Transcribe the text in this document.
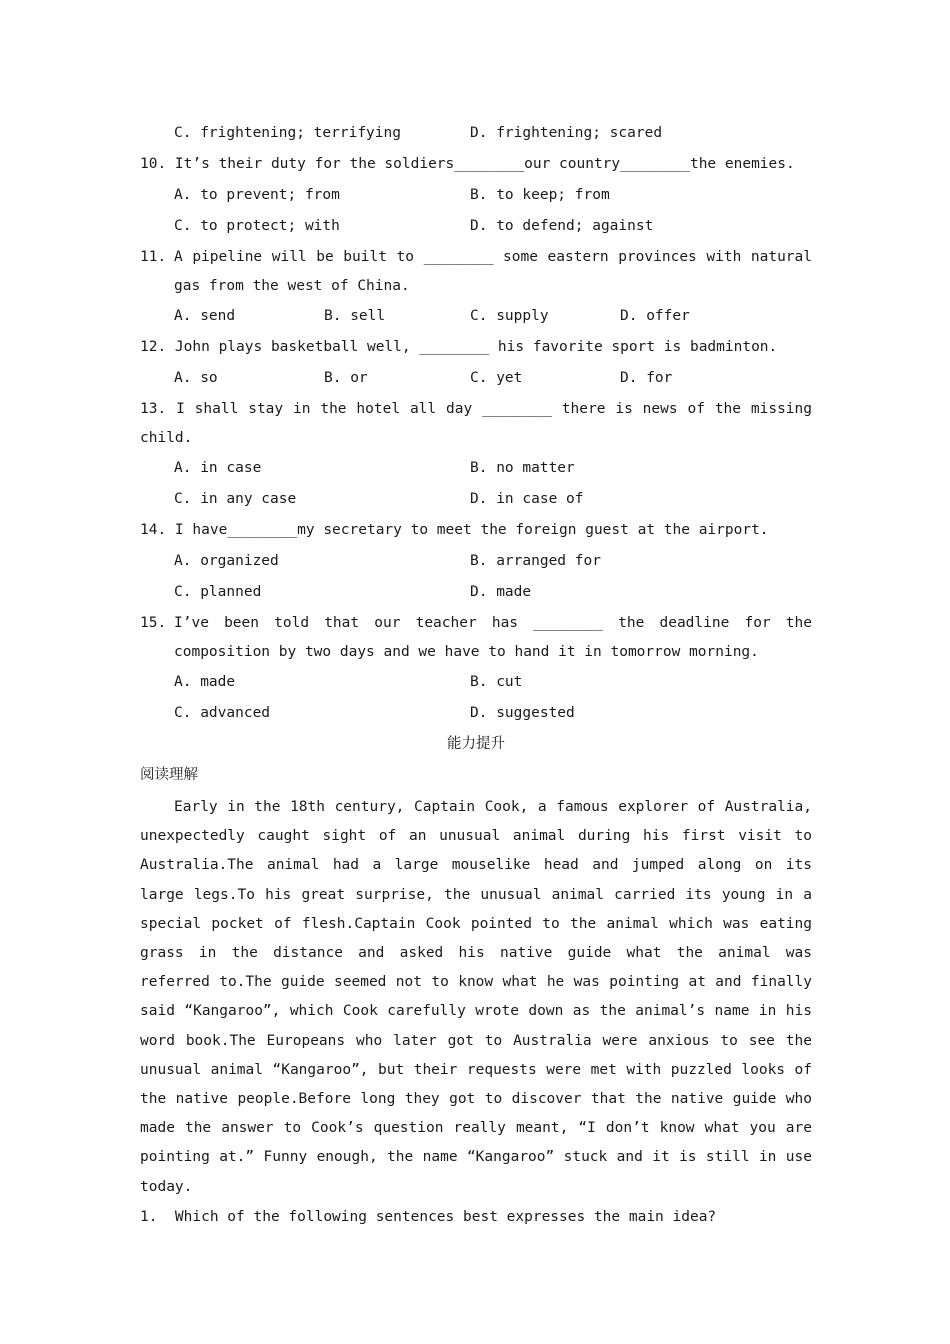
C. frightening; terrifying	D. frightening; scared
10. It’s their duty for the soldiers________our country________the enemies.
A. to prevent; from	B. to keep; from
C. to protect; with	D. to defend; against
11. A pipeline will be built to ________ some eastern provinces with natural gas from the west of China.
A. send	B. sell	C. supply	D. offer
12. John plays basketball well, ________ his favorite sport is badminton.
A. so	B. or	C. yet	D. for
13. I shall stay in the hotel all day ________ there is news of the missing child.
A. in case	B. no matter
C. in any case	D. in case of
14. I have________my secretary to meet the foreign guest at the airport.
A. organized	B. arranged for
C. planned	D. made
15. I’ve been told that our teacher has ________ the deadline for the composition by two days and we have to hand it in tomorrow morning.
A. made	B. cut
C. advanced	D. suggested
能力提升
阅读理解
Early in the 18th century, Captain Cook, a famous explorer of Australia, unexpectedly caught sight of an unusual animal during his first visit to Australia.The animal had a large mouselike head and jumped along on its large legs.To his great surprise, the unusual animal carried its young in a special pocket of flesh.Captain Cook pointed to the animal which was eating grass in the distance and asked his native guide what the animal was referred to.The guide seemed not to know what he was pointing at and finally said “Kangaroo”, which Cook carefully wrote down as the animal’s name in his word book.The Europeans who later got to Australia were anxious to see the unusual animal “Kangaroo”, but their requests were met with puzzled looks of the native people.Before long they got to discover that the native guide who made the answer to Cook’s question really meant, “I don’t know what you are pointing at.” Funny enough, the name “Kangaroo” stuck and it is still in use today.
1.  Which of the following sentences best expresses the main idea?
